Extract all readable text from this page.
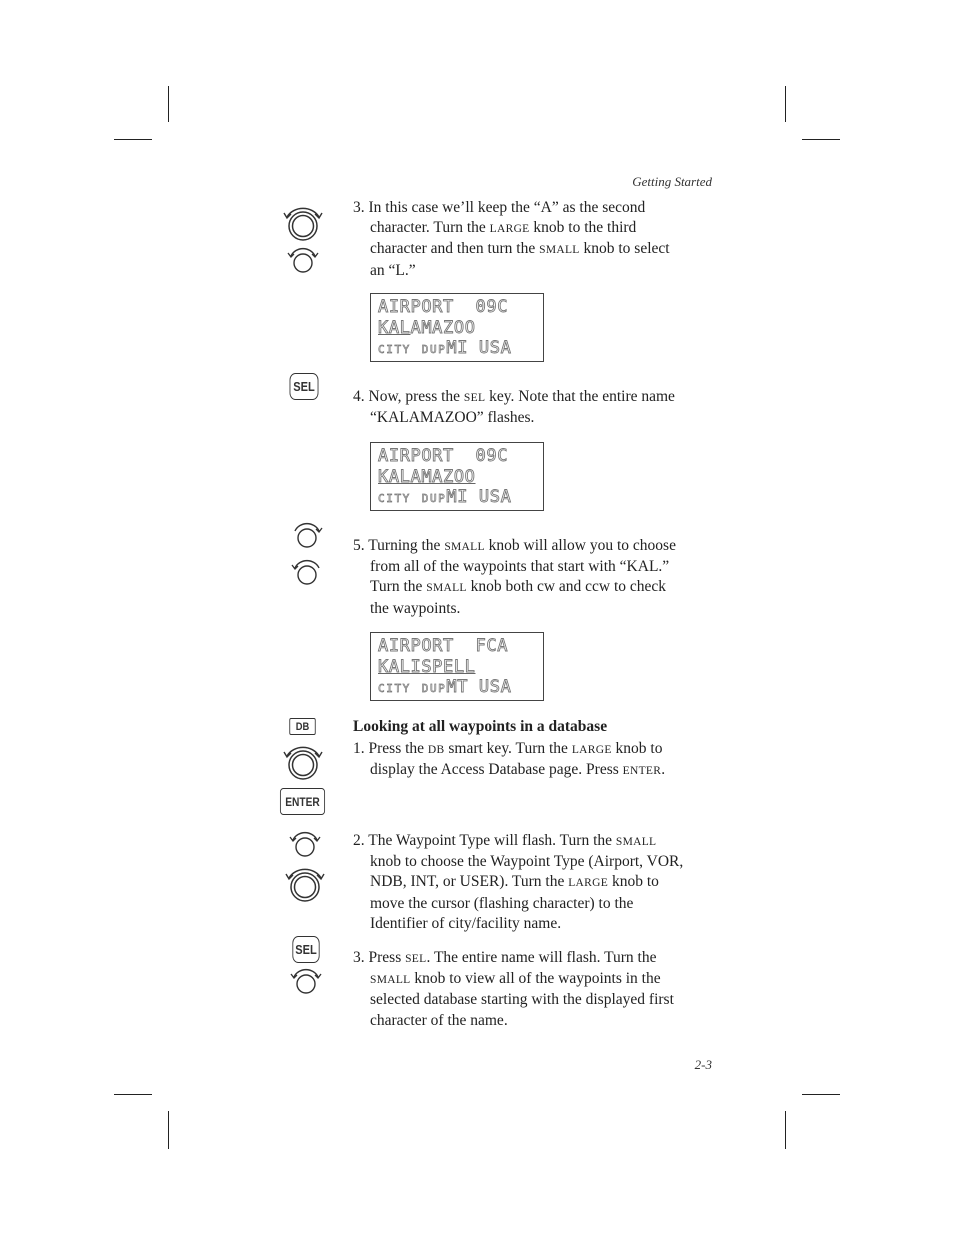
Getting Started
3. In this case we’ll keep the “A” as the second
character. Turn the LARGE knob to the third
character and then turn the SMALL knob to select
an “L.”
AIRPORT 09C
KALAMAZOO
CITY DUPMI USA
SEL
4. Now, press the SEL key. Note that the entire name
“KALAMAZOO” flashes.
AIRPORT 09C
KALAMAZOO
CITY DUPMI USA
5. Turning the SMALL knob will allow you to choose
from all of the waypoints that start with “KAL.”
Turn the SMALL knob both cw and ccw to check
the waypoints.
AIRPORT FCA
KALISPELL
CITY DUPMT USA
DB
ENTER
Looking at all waypoints in a database
1. Press the DB smart key. Turn the LARGE knob to
display the Access Database page. Press ENTER.
2. The Waypoint Type will flash. Turn the SMALL
knob to choose the Waypoint Type (Airport, VOR,
NDB, INT, or USER). Turn the LARGE knob to
move the cursor (flashing character) to the
Identifier of city/facility name.
SEL 3. Press SEL. The entire name will flash. Turn the
SMALL knob to view all of the waypoints in the
selected database starting with the displayed first
character of the name.
2-3
